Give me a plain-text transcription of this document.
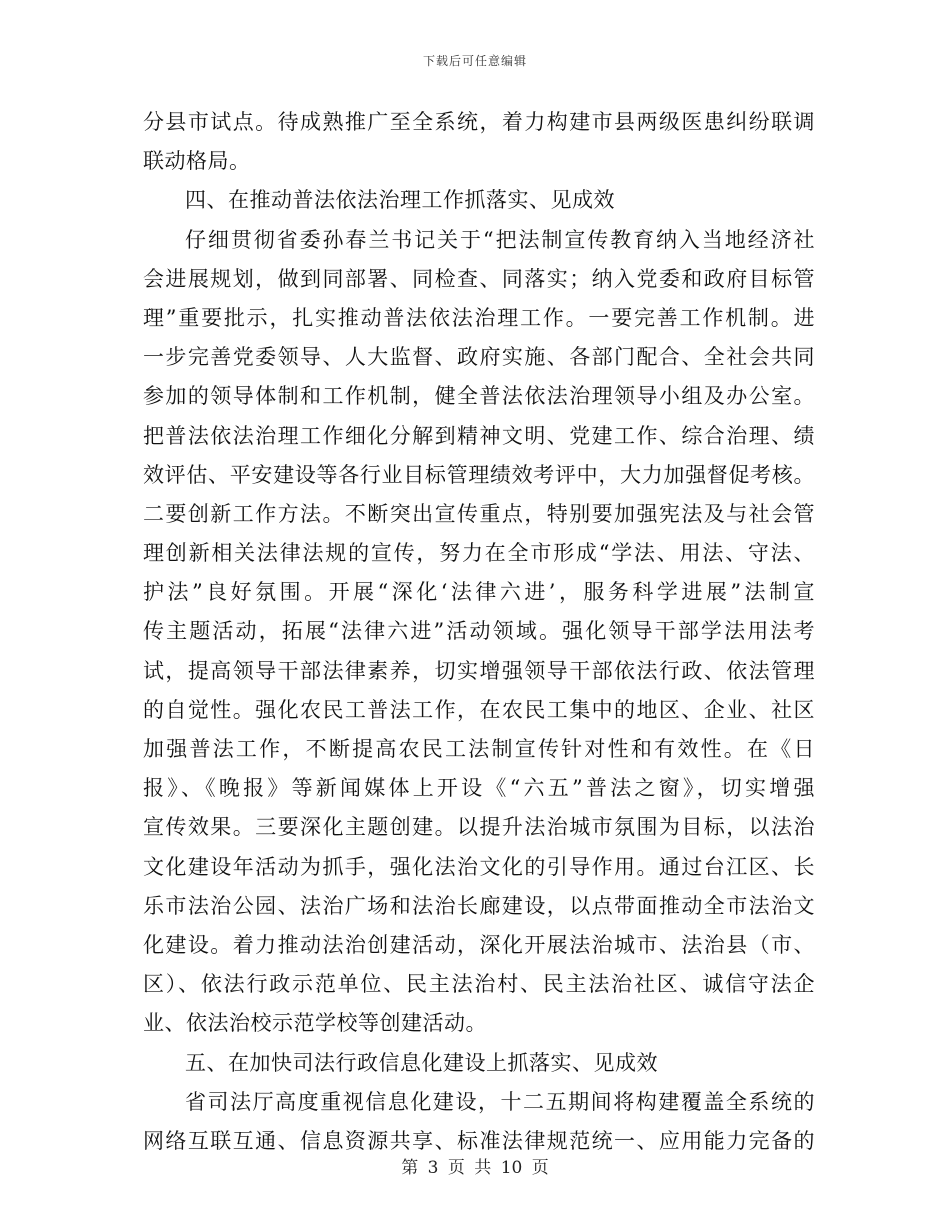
下载后可任意编辑
分县市试点。待成熟推广至全系统，着力构建市县两级医患纠纷联调
联动格局。
四、在推动普法依法治理工作抓落实、见成效
仔细贯彻省委孙春兰书记关于“把法制宣传教育纳入当地经济社
会进展规划，做到同部署、同检查、同落实；纳入党委和政府目标管
理”重要批示，扎实推动普法依法治理工作。一要完善工作机制。进
一步完善党委领导、人大监督、政府实施、各部门配合、全社会共同
参加的领导体制和工作机制，健全普法依法治理领导小组及办公室。
把普法依法治理工作细化分解到精神文明、党建工作、综合治理、绩
效评估、平安建设等各行业目标管理绩效考评中，大力加强督促考核。
二要创新工作方法。不断突出宣传重点，特别要加强宪法及与社会管
理创新相关法律法规的宣传，努力在全市形成“学法、用法、守法、
护法”良好氛围。开展“深化‘法律六进’，服务科学进展”法制宣
传主题活动，拓展“法律六进”活动领域。强化领导干部学法用法考
试，提高领导干部法律素养，切实增强领导干部依法行政、依法管理
的自觉性。强化农民工普法工作，在农民工集中的地区、企业、社区
加强普法工作，不断提高农民工法制宣传针对性和有效性。在《日
报》、《晚报》等新闻媒体上开设《“六五”普法之窗》，切实增强
宣传效果。三要深化主题创建。以提升法治城市氛围为目标，以法治
文化建设年活动为抓手，强化法治文化的引导作用。通过台江区、长
乐市法治公园、法治广场和法治长廊建设，以点带面推动全市法治文
化建设。着力推动法治创建活动，深化开展法治城市、法治县（市、
区）、依法行政示范单位、民主法治村、民主法治社区、诚信守法企
业、依法治校示范学校等创建活动。
五、在加快司法行政信息化建设上抓落实、见成效
省司法厅高度重视信息化建设，十二五期间将构建覆盖全系统的
网络互联互通、信息资源共享、标准法律规范统一、应用能力完备的
第 3 页 共 10 页
